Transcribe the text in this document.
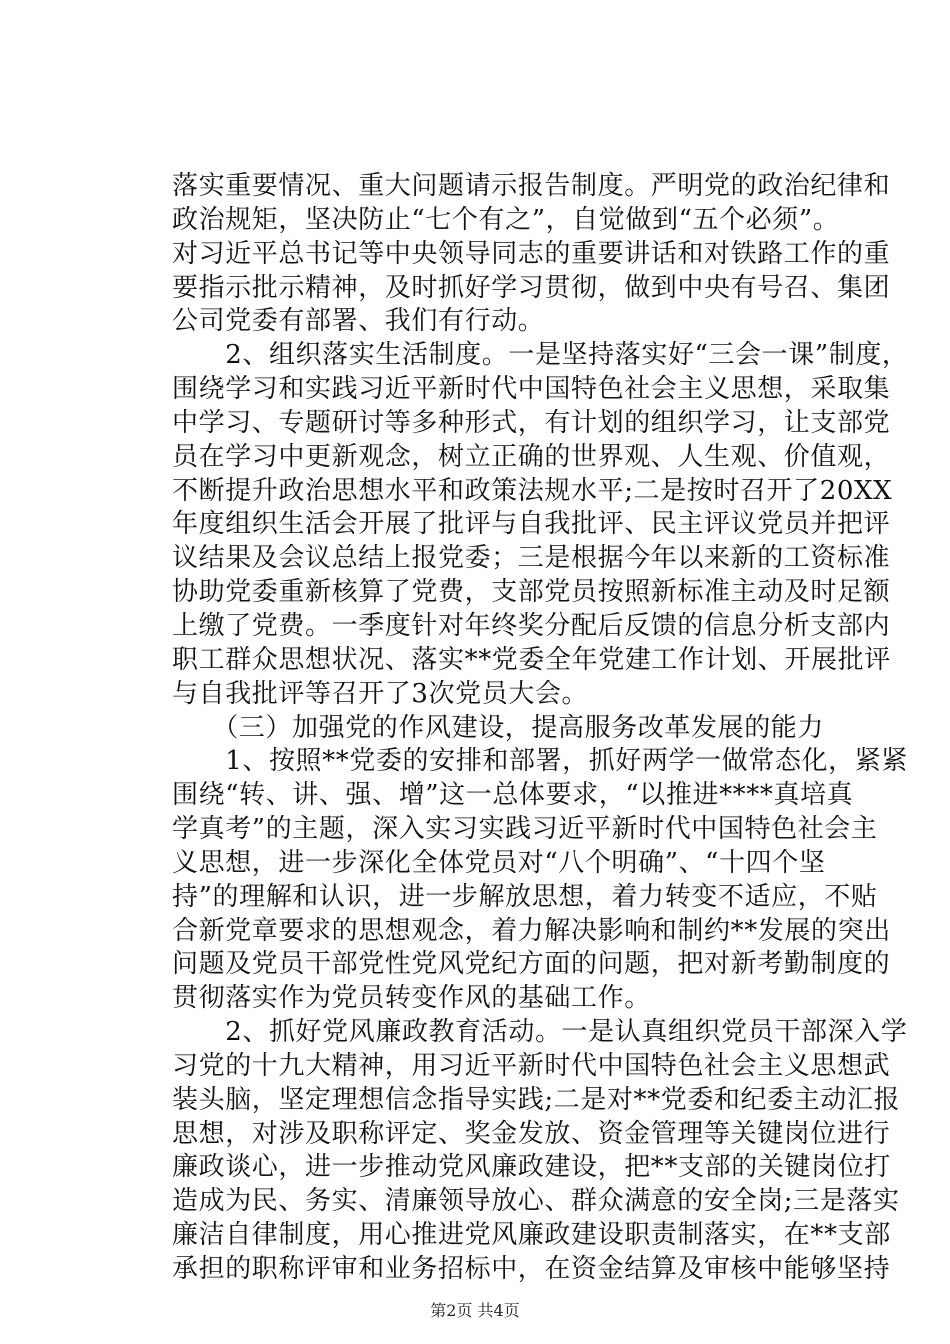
落实重要情况、重大问题请示报告制度。严明党的政治纪律和
政治规矩，坚决防止“七个有之”，自觉做到“五个必须”。
对习近平总书记等中央领导同志的重要讲话和对铁路工作的重
要指示批示精神，及时抓好学习贯彻，做到中央有号召、集团
公司党委有部署、我们有行动。
　　2、组织落实生活制度。一是坚持落实好“三会一课”制度，
围绕学习和实践习近平新时代中国特色社会主义思想，采取集
中学习、专题研讨等多种形式，有计划的组织学习，让支部党
员在学习中更新观念，树立正确的世界观、人生观、价值观，
不断提升政治思想水平和政策法规水平;二是按时召开了20XX
年度组织生活会开展了批评与自我批评、民主评议党员并把评
议结果及会议总结上报党委；三是根据今年以来新的工资标准
协助党委重新核算了党费，支部党员按照新标准主动及时足额
上缴了党费。一季度针对年终奖分配后反馈的信息分析支部内
职工群众思想状况、落实**党委全年党建工作计划、开展批评
与自我批评等召开了3次党员大会。
　　（三）加强党的作风建设，提高服务改革发展的能力
　　1、按照**党委的安排和部署，抓好两学一做常态化，紧紧
围绕“转、讲、强、增”这一总体要求，“以推进****真培真
学真考”的主题，深入实习实践习近平新时代中国特色社会主
义思想，进一步深化全体党员对“八个明确”、“十四个坚
持”的理解和认识，进一步解放思想，着力转变不适应，不贴
合新党章要求的思想观念，着力解决影响和制约**发展的突出
问题及党员干部党性党风党纪方面的问题，把对新考勤制度的
贯彻落实作为党员转变作风的基础工作。
　　2、抓好党风廉政教育活动。一是认真组织党员干部深入学
习党的十九大精神，用习近平新时代中国特色社会主义思想武
装头脑，坚定理想信念指导实践;二是对**党委和纪委主动汇报
思想，对涉及职称评定、奖金发放、资金管理等关键岗位进行
廉政谈心，进一步推动党风廉政建设，把**支部的关键岗位打
造成为民、务实、清廉领导放心、群众满意的安全岗;三是落实
廉洁自律制度，用心推进党风廉政建设职责制落实，在**支部
承担的职称评审和业务招标中，在资金结算及审核中能够坚持
第2页 共4页
